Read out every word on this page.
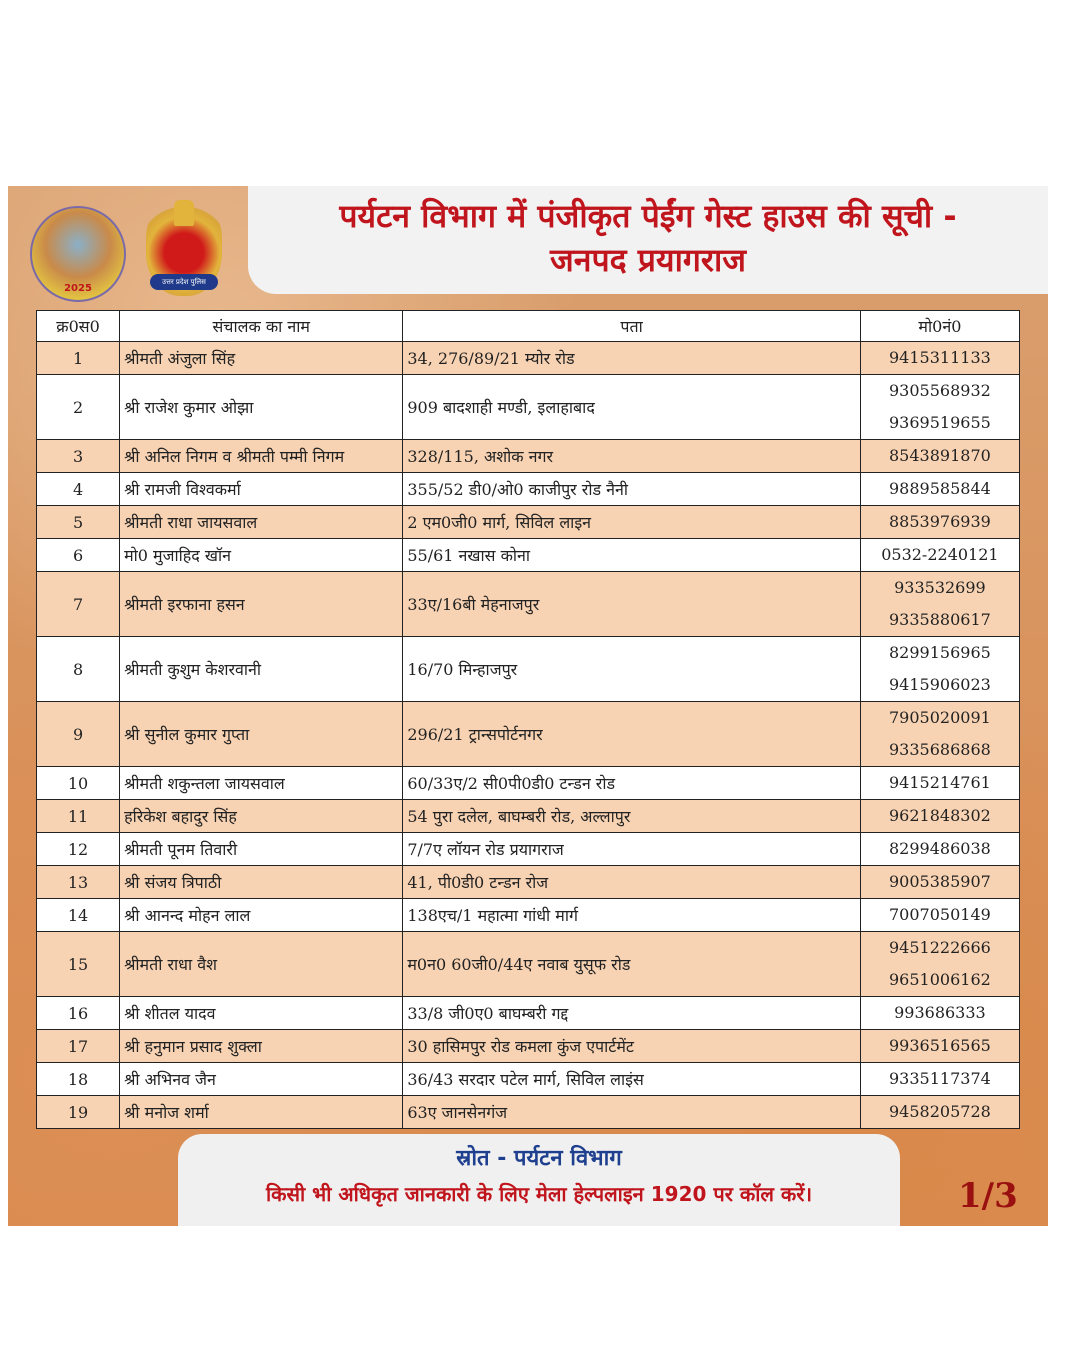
2025
उत्तर प्रदेश पुलिस
पर्यटन विभाग में पंजीकृत पेईंग गेस्ट हाउस की सूची -
जनपद प्रयागराज
क्र0स0	संचालक का नाम	पता	मो0नं0
1	श्रीमती अंजुला सिंह	34, 276/89/21 म्योर रोड	9415311133

2	श्री राजेश कुमार ओझा	909 बादशाही मण्डी, इलाहाबाद	9305568932
9369519655

3	श्री अनिल निगम व श्रीमती पम्मी निगम	328/115, अशोक नगर	8543891870

4	श्री रामजी विश्वकर्मा	355/52 डी0/ओ0 काजीपुर रोड नैनी	9889585844

5	श्रीमती राधा जायसवाल	2 एम0जी0 मार्ग, सिविल लाइन	8853976939

6	मो0 मुजाहिद खॉन	55/61 नखास कोना	0532-2240121

7	श्रीमती इरफाना हसन	33ए/16बी मेहनाजपुर	933532699
9335880617

8	श्रीमती कुशुम केशरवानी	16/70 मिन्हाजपुर	8299156965
9415906023

9	श्री सुनील कुमार गुप्ता	296/21 ट्रान्सपोर्टनगर	7905020091
9335686868

10	श्रीमती शकुन्तला जायसवाल	60/33ए/2 सी0पी0डी0 टन्डन रोड	9415214761

11	हरिकेश बहादुर सिंह	54 पुरा दलेल, बाघम्बरी रोड, अल्लापुर	9621848302

12	श्रीमती पूनम तिवारी	7/7ए लॉयन रोड प्रयागराज	8299486038

13	श्री संजय त्रिपाठी	41, पी0डी0 टन्डन रोज	9005385907

14	श्री आनन्द मोहन लाल	138एच/1 महात्मा गांधी मार्ग	7007050149

15	श्रीमती राधा वैश	म0न0 60जी0/44ए नवाब युसूफ रोड	9451222666
9651006162

16	श्री शीतल यादव	33/8 जी0ए0 बाघम्बरी गद्द	993686333

17	श्री हनुमान प्रसाद शुक्ला	30 हासिमपुर रोड कमला कुंज एपार्टमेंट	9936516565

18	श्री अभिनव जैन	36/43 सरदार पटेल मार्ग, सिविल लाइंस	9335117374

19	श्री मनोज शर्मा	63ए जानसेनगंज	9458205728
स्रोत - पर्यटन विभाग
किसी भी अधिकृत जानकारी के लिए मेला हेल्पलाइन 1920 पर कॉल करें।	1/3
